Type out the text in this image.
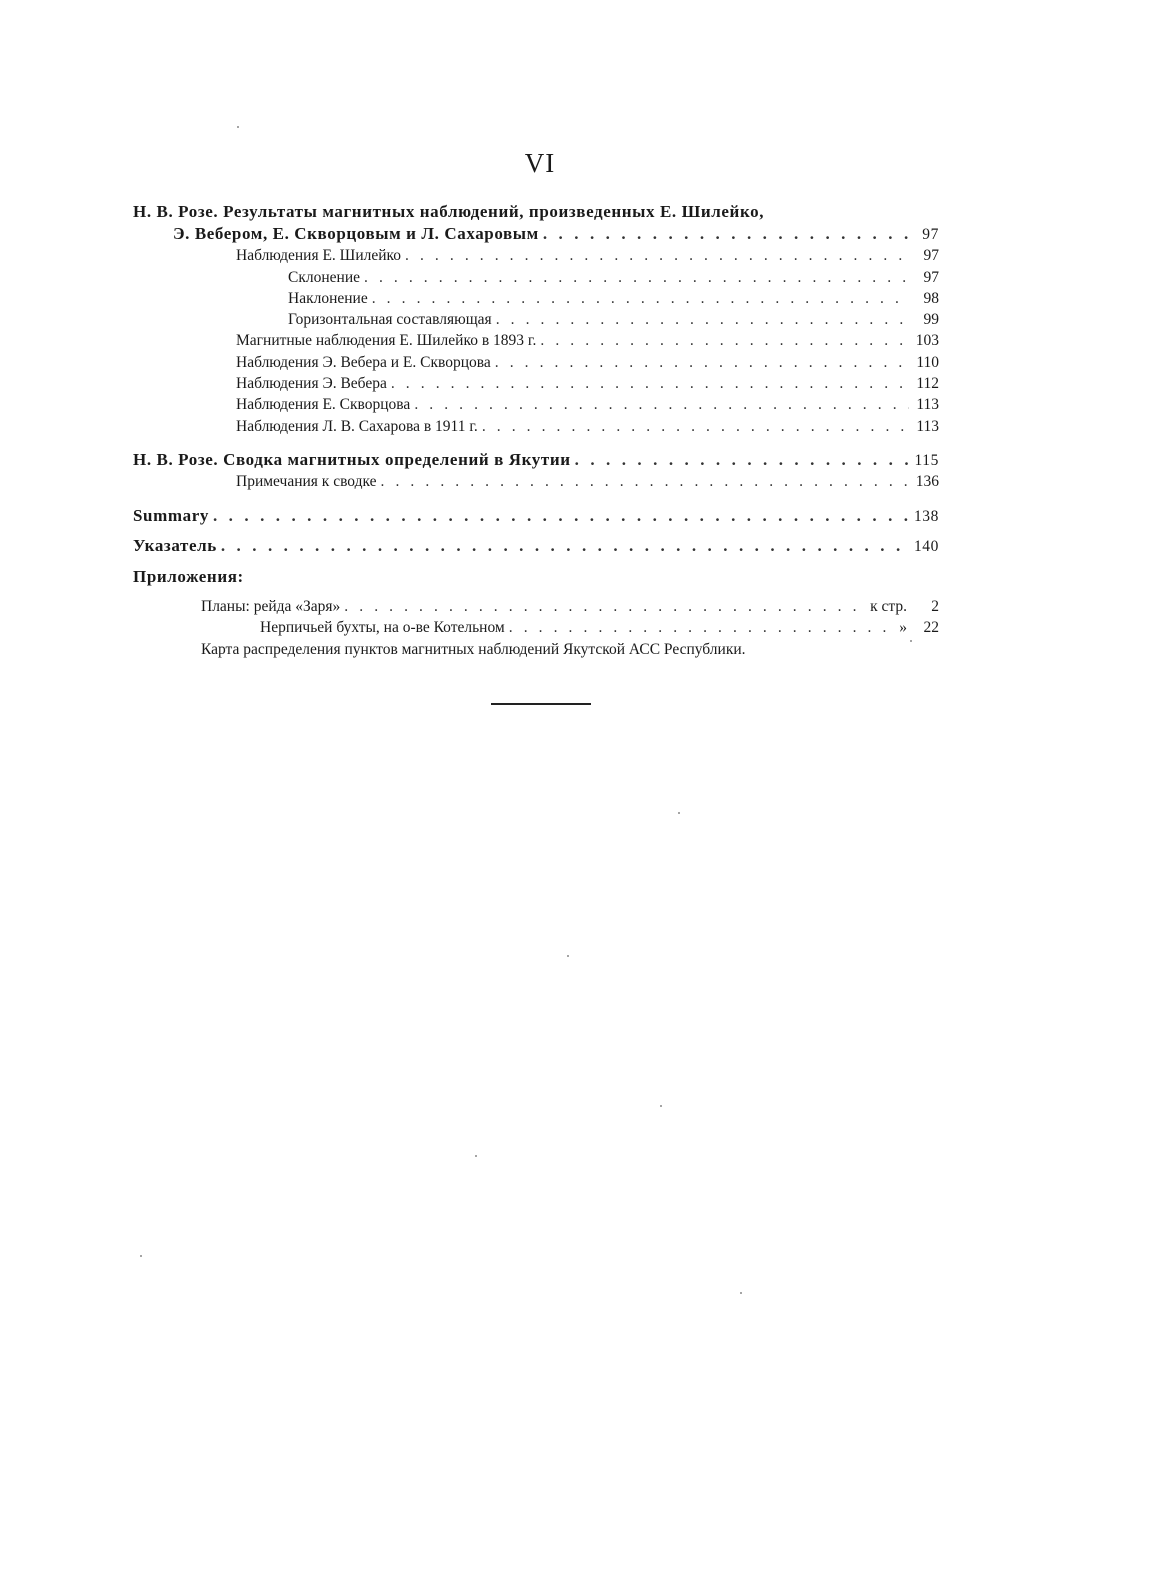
VI
Н. В. Розе. Результаты магнитных наблюдений, произведенных Е. Шилейко,
Э. Вебером, Е. Скворцовым и Л. Сахаровым . . .	97
Наблюдения Е. Шилейко . . .	97
Склонение . . .	97
Наклонение . . .	98
Горизонтальная составляющая . . .	99
Магнитные наблюдения Е. Шилейко в 1893 г. . . .	103
Наблюдения Э. Вебера и Е. Скворцова . . .	110
Наблюдения Э. Вебера . . .	112
Наблюдения Е. Скворцова . . .	113
Наблюдения Л. В. Сахарова в 1911 г. . . .	113
Н. В. Розе. Сводка магнитных определений в Якутии . . .	115
Примечания к сводке . . .	136
Summary . . .	138
Указатель . . .	140
Приложения:
Планы: рейда «Заря» . . .	к стр.	2
Нерпичьей бухты, на о-ве Котельном . . .	»	22
Карта распределения пунктов магнитных наблюдений Якутской АСС Республики.
